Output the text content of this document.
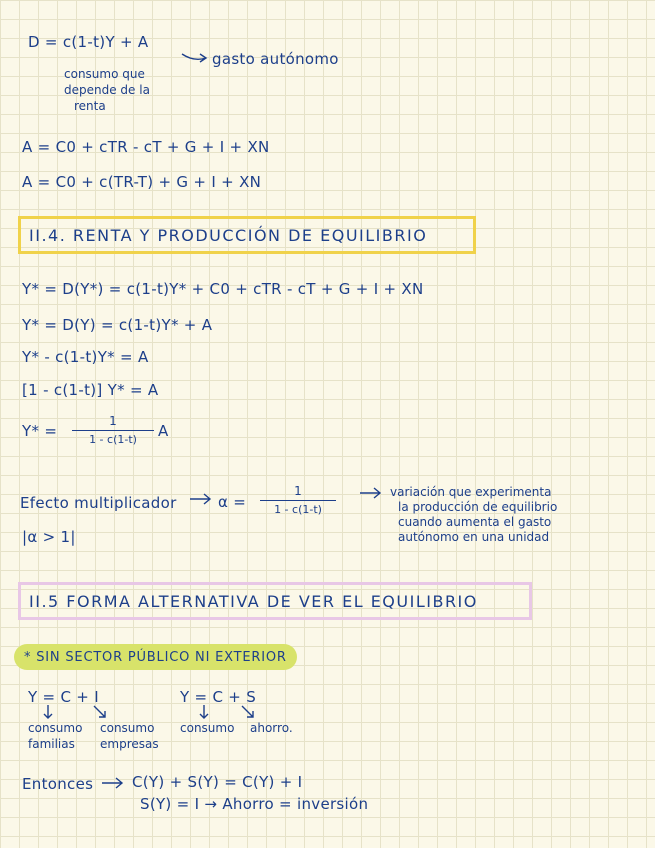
D = c(1-t)Y + A
gasto autónomo
consumo que
depende de la
renta
A = C0 + cTR - cT + G + I + XN
A = C0 + c(TR-T) + G + I + XN
II.4. RENTA Y PRODUCCIÓN DE EQUILIBRIO
Y* = D(Y*) = c(1-t)Y* + C0 + cTR - cT + G + I + XN
Y* = D(Y) = c(1-t)Y* + A
Y* - c(1-t)Y* = A
[1 - c(1-t)] Y* = A
Y* =
1
1 - c(1-t)	A
Efecto multiplicador	α =
1
1 - c(1-t)
variación que experimenta
la producción de equilibrio
cuando aumenta el gasto
autónomo en una unidad
|α > 1|
II.5 FORMA ALTERNATIVA DE VER EL EQUILIBRIO
* SIN SECTOR PÚBLICO NI EXTERIOR
Y = C + I	Y = C + S
consumo
familias
consumo
empresas
consumo ahorro.
Entonces	C(Y) + S(Y) = C(Y) + I
S(Y) = I → Ahorro = inversión
